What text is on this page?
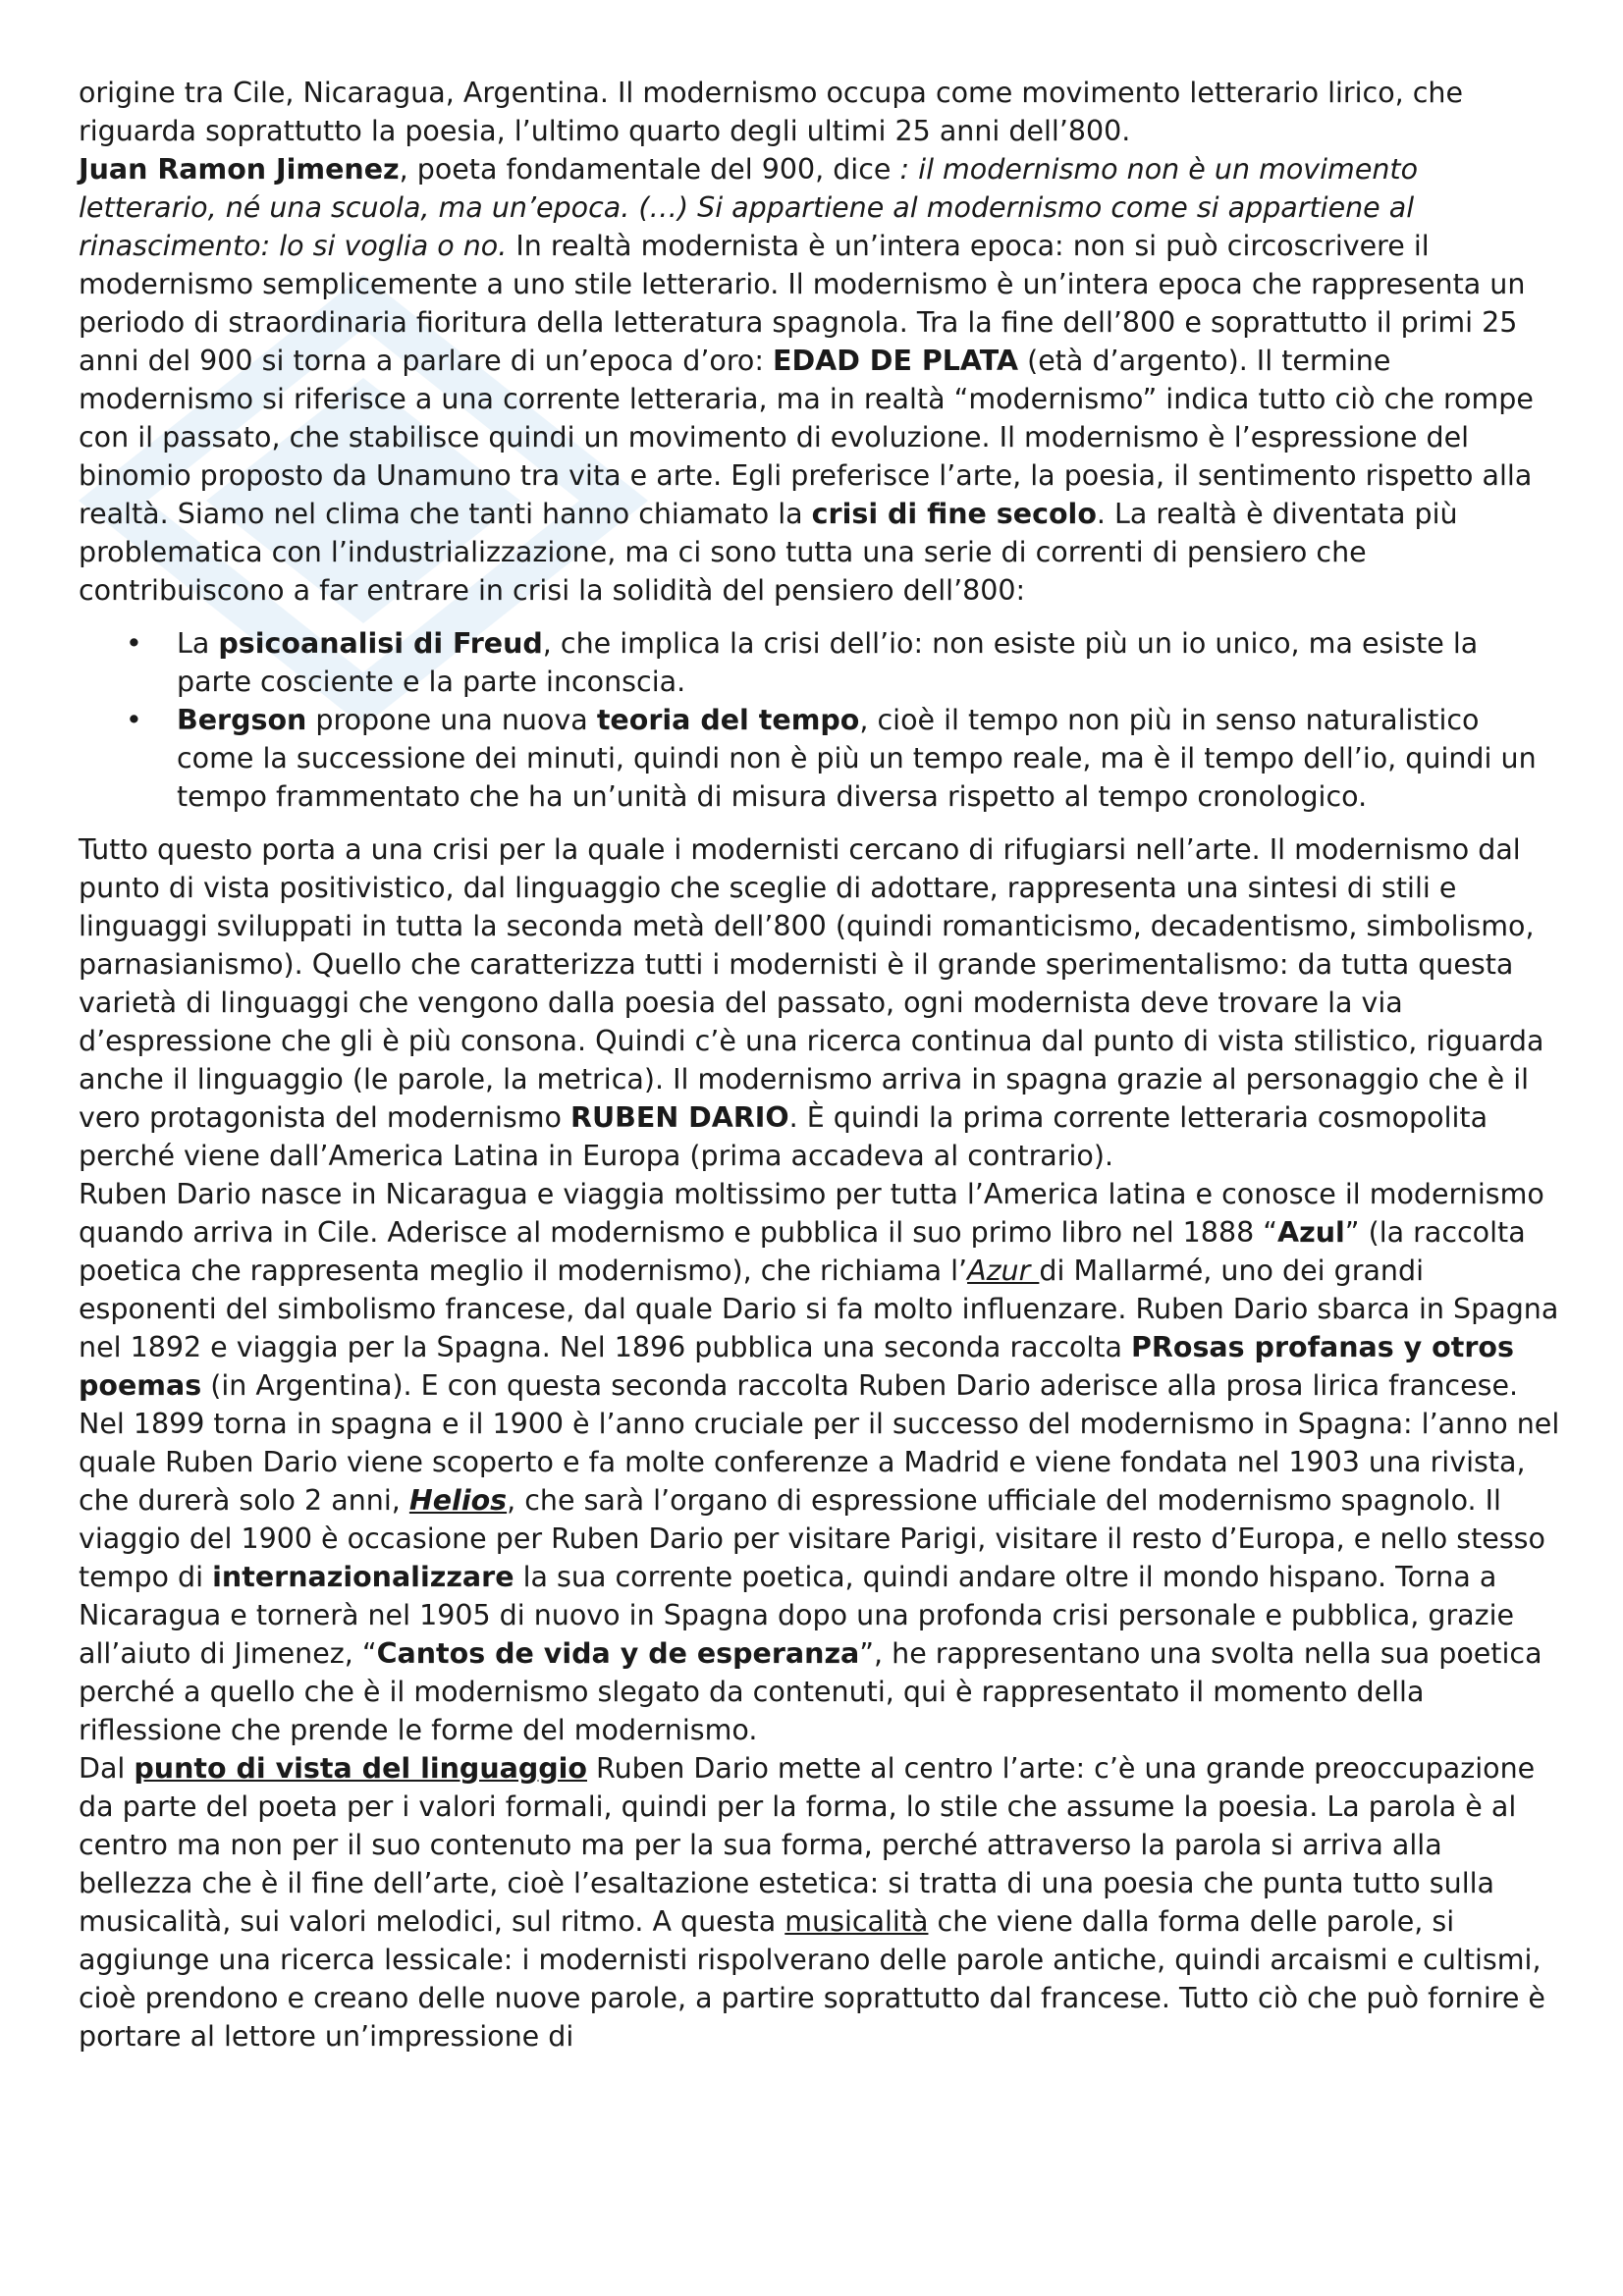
origine tra Cile, Nicaragua, Argentina. Il modernismo occupa come movimento letterario lirico, che riguarda soprattutto la poesia, l’ultimo quarto degli ultimi 25 anni dell’800.

Juan Ramon Jimenez, poeta fondamentale del 900, dice : il modernismo non è un movimento letterario, né una scuola, ma un’epoca. (…) Si appartiene al modernismo come si appartiene al rinascimento: lo si voglia o no. In realtà modernista è un’intera epoca: non si può circoscrivere il modernismo semplicemente a uno stile letterario. Il modernismo è un’intera epoca che rappresenta un periodo di straordinaria fioritura della letteratura spagnola. Tra la fine dell’800 e soprattutto il primi 25 anni del 900 si torna a parlare di un’epoca d’oro: EDAD DE PLATA (età d’argento). Il termine modernismo si riferisce a una corrente letteraria, ma in realtà “modernismo” indica tutto ciò che rompe con il passato, che stabilisce quindi un movimento di evoluzione. Il modernismo è l’espressione del binomio proposto da Unamuno tra vita e arte. Egli preferisce l’arte, la poesia, il sentimento rispetto alla realtà. Siamo nel clima che tanti hanno chiamato la crisi di fine secolo. La realtà è diventata più problematica con l’industrializzazione, ma ci sono tutta una serie di correnti di pensiero che contribuiscono a far entrare in crisi la solidità del pensiero dell’800:

• La psicoanalisi di Freud, che implica la crisi dell’io: non esiste più un io unico, ma esiste la parte cosciente e la parte inconscia.
• Bergson propone una nuova teoria del tempo, cioè il tempo non più in senso naturalistico come la successione dei minuti, quindi non è più un tempo reale, ma è il tempo dell’io, quindi un tempo frammentato che ha un’unità di misura diversa rispetto al tempo cronologico.

Tutto questo porta a una crisi per la quale i modernisti cercano di rifugiarsi nell’arte. Il modernismo dal punto di vista positivistico, dal linguaggio che sceglie di adottare, rappresenta una sintesi di stili e linguaggi sviluppati in tutta la seconda metà dell’800 (quindi romanticismo, decadentismo, simbolismo, parnasianismo). Quello che caratterizza tutti i modernisti è il grande sperimentalismo: da tutta questa varietà di linguaggi che vengono dalla poesia del passato, ogni modernista deve trovare la via d’espressione che gli è più consona. Quindi c’è una ricerca continua dal punto di vista stilistico, riguarda anche il linguaggio (le parole, la metrica). Il modernismo arriva in spagna grazie al personaggio che è il vero protagonista del modernismo RUBEN DARIO. È quindi la prima corrente letteraria cosmopolita perché viene dall’America Latina in Europa (prima accadeva al contrario).

Ruben Dario nasce in Nicaragua e viaggia moltissimo per tutta l’America latina e conosce il modernismo quando arriva in Cile. Aderisce al modernismo e pubblica il suo primo libro nel 1888 “Azul” (la raccolta poetica che rappresenta meglio il modernismo), che richiama l’Azur di Mallarmé, uno dei grandi esponenti del simbolismo francese, dal quale Dario si fa molto influenzare. Ruben Dario sbarca in Spagna nel 1892 e viaggia per la Spagna. Nel 1896 pubblica una seconda raccolta PRosas profanas y otros poemas (in Argentina). E con questa seconda raccolta Ruben Dario aderisce alla prosa lirica francese. Nel 1899 torna in spagna e il 1900 è l’anno cruciale per il successo del modernismo in Spagna: l’anno nel quale Ruben Dario viene scoperto e fa molte conferenze a Madrid e viene fondata nel 1903 una rivista, che durerà solo 2 anni, Helios, che sarà l’organo di espressione ufficiale del modernismo spagnolo. Il viaggio del 1900 è occasione per Ruben Dario per visitare Parigi, visitare il resto d’Europa, e nello stesso tempo di internazionalizzare la sua corrente poetica, quindi andare oltre il mondo hispano. Torna a Nicaragua e tornerà nel 1905 di nuovo in Spagna dopo una profonda crisi personale e pubblica, grazie all’aiuto di Jimenez, “Cantos de vida y de esperanza”, he rappresentano una svolta nella sua poetica perché a quello che è il modernismo slegato da contenuti, qui è rappresentato il momento della riflessione che prende le forme del modernismo.

Dal punto di vista del linguaggio Ruben Dario mette al centro l’arte: c’è una grande preoccupazione da parte del poeta per i valori formali, quindi per la forma, lo stile che assume la poesia. La parola è al centro ma non per il suo contenuto ma per la sua forma, perché attraverso la parola si arriva alla bellezza che è il fine dell’arte, cioè l’esaltazione estetica: si tratta di una poesia che punta tutto sulla musicalità, sui valori melodici, sul ritmo. A questa musicalità che viene dalla forma delle parole, si aggiunge una ricerca lessicale: i modernisti rispolverano delle parole antiche, quindi arcaismi e cultismi, cioè prendono e creano delle nuove parole, a partire soprattutto dal francese. Tutto ciò che può fornire è portare al lettore un’impressione di
